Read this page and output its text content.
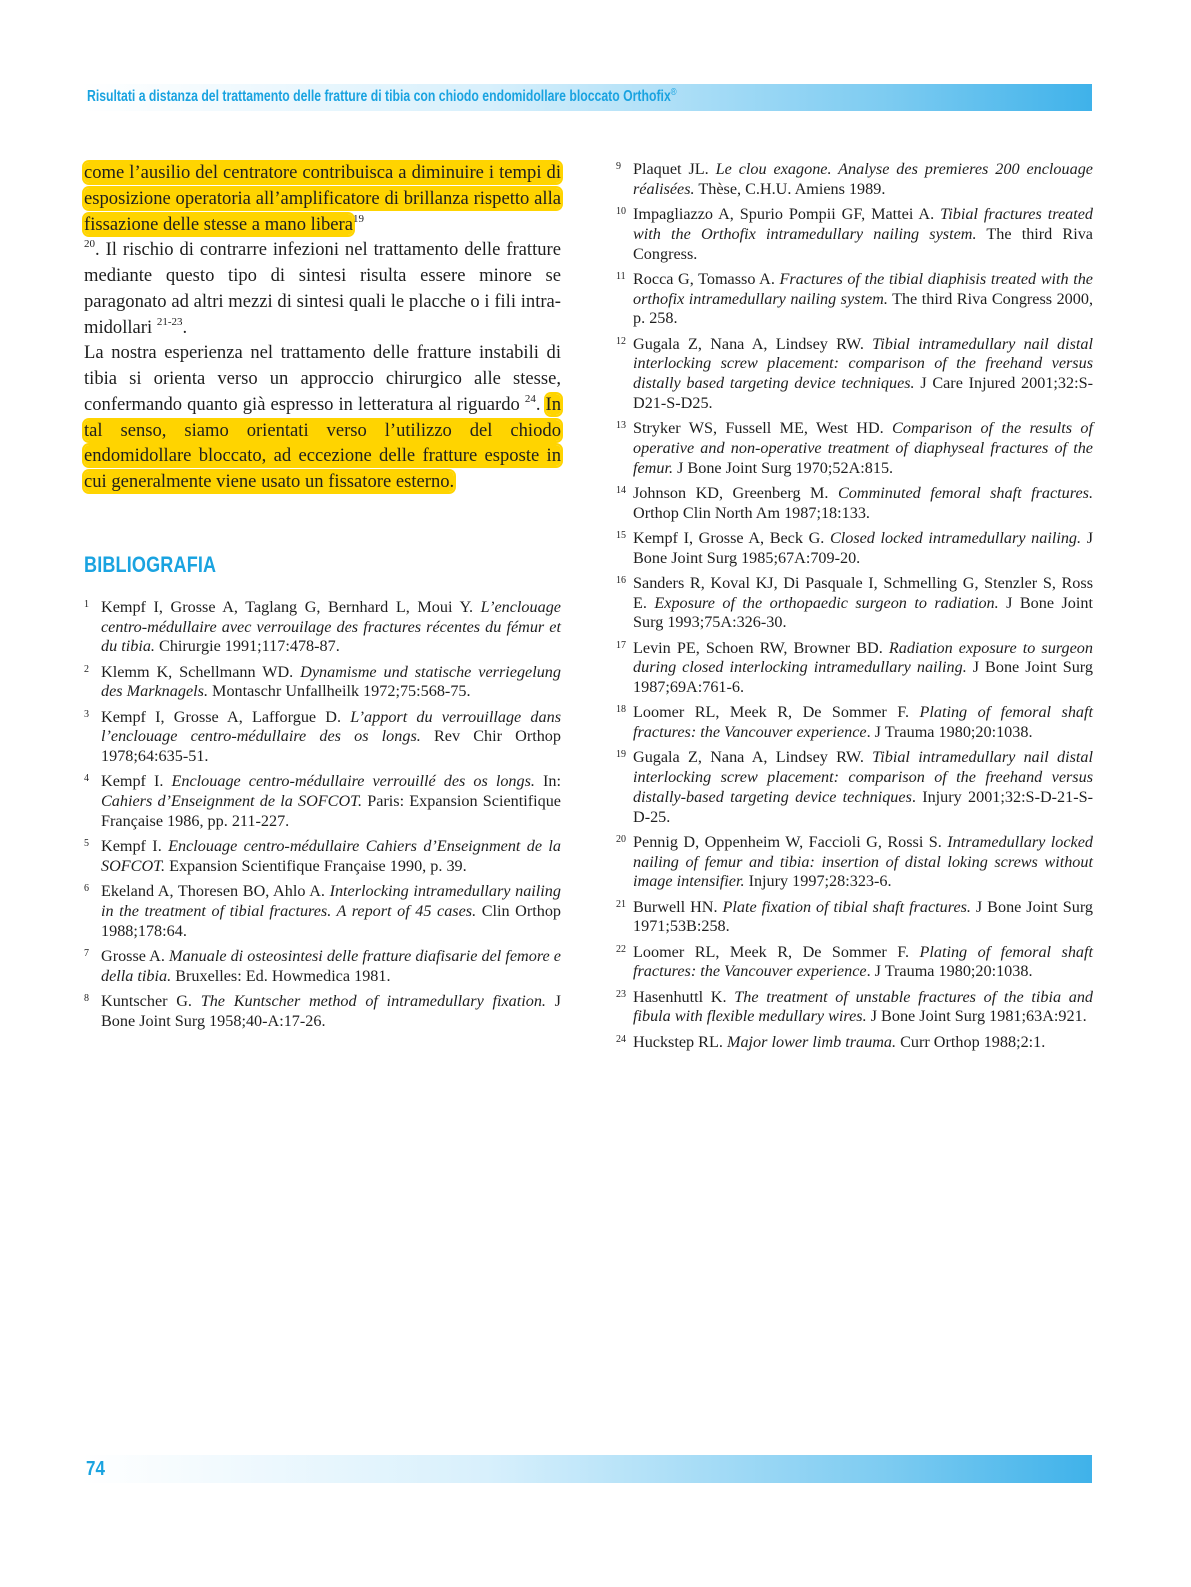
Risultati a distanza del trattamento delle fratture di tibia con chiodo endomidollare bloccato Orthofix®

come l’ausilio del centratore contribuisca a diminuire i tempi di esposizione operatoria all’amplificatore di brillanza rispetto alla fissazione delle stesse a mano libera$^{19}$
$^{20}$. Il rischio di contrarre infezioni nel trattamento delle fratture mediante questo tipo di sintesi risulta essere minore se paragonato ad altri mezzi di sintesi quali le placche o i fili intra-midollari $^{21-23}$.

La nostra esperienza nel trattamento delle fratture instabili di tibia si orienta verso un approccio chirurgico alle stesse, confermando quanto già espresso in letteratura al riguardo $^{24}$. In tal senso, siamo orientati verso l’utilizzo del chiodo endomidollare bloccato, ad eccezione delle fratture esposte in cui generalmente viene usato un fissatore esterno.

BIBLIOGRAFIA
1 Kempf I, Grosse A, Taglang G, Bernhard L, Moui Y. L’enclouage centro-médullaire avec verrouilage des fractures récentes du fémur et du tibia. Chirurgie 1991;117:478-87.
2 Klemm K, Schellmann WD. Dynamisme und statische verriegelung des Marknagels. Montaschr Unfallheilk 1972;75:568-75.
3 Kempf I, Grosse A, Lafforgue D. L’apport du verrouillage dans l’enclouage centro-médullaire des os longs. Rev Chir Orthop 1978;64:635-51.
4 Kempf I. Enclouage centro-médullaire verrouillé des os longs. In: Cahiers d’Enseignment de la SOFCOT. Paris: Expansion Scientifique Française 1986, pp. 211-227.
5 Kempf I. Enclouage centro-médullaire Cahiers d’Enseignment de la SOFCOT. Expansion Scientifique Française 1990, p. 39.
6 Ekeland A, Thoresen BO, Ahlo A. Interlocking intramedullary nailing in the treatment of tibial fractures. A report of 45 cases. Clin Orthop 1988;178:64.
7 Grosse A. Manuale di osteosintesi delle fratture diafisarie del femore e della tibia. Bruxelles: Ed. Howmedica 1981.
8 Kuntscher G. The Kuntscher method of intramedullary fixation. J Bone Joint Surg 1958;40-A:17-26.
9 Plaquet JL. Le clou exagone. Analyse des premieres 200 enclouage réalisées. Thèse, C.H.U. Amiens 1989.
10 Impagliazzo A, Spurio Pompii GF, Mattei A. Tibial fractures treated with the Orthofix intramedullary nailing system. The third Riva Congress.
11 Rocca G, Tomasso A. Fractures of the tibial diaphisis treated with the orthofix intramedullary nailing system. The third Riva Congress 2000, p. 258.
12 Gugala Z, Nana A, Lindsey RW. Tibial intramedullary nail distal interlocking screw placement: comparison of the freehand versus distally based targeting device techniques. J Care Injured 2001;32:S-D21-S-D25.
13 Stryker WS, Fussell ME, West HD. Comparison of the results of operative and non-operative treatment of diaphyseal fractures of the femur. J Bone Joint Surg 1970;52A:815.
14 Johnson KD, Greenberg M. Comminuted femoral shaft fractures. Orthop Clin North Am 1987;18:133.
15 Kempf I, Grosse A, Beck G. Closed locked intramedullary nailing. J Bone Joint Surg 1985;67A:709-20.
16 Sanders R, Koval KJ, Di Pasquale I, Schmelling G, Stenzler S, Ross E. Exposure of the orthopaedic surgeon to radiation. J Bone Joint Surg 1993;75A:326-30.
17 Levin PE, Schoen RW, Browner BD. Radiation exposure to surgeon during closed interlocking intramedullary nailing. J Bone Joint Surg 1987;69A:761-6.
18 Loomer RL, Meek R, De Sommer F. Plating of femoral shaft fractures: the Vancouver experience. J Trauma 1980;20:1038.
19 Gugala Z, Nana A, Lindsey RW. Tibial intramedullary nail distal interlocking screw placement: comparison of the freehand versus distally-based targeting device techniques. Injury 2001;32:S-D-21-S-D-25.
20 Pennig D, Oppenheim W, Faccioli G, Rossi S. Intramedullary locked nailing of femur and tibia: insertion of distal loking screws without image intensifier. Injury 1997;28:323-6.
21 Burwell HN. Plate fixation of tibial shaft fractures. J Bone Joint Surg 1971;53B:258.
22 Loomer RL, Meek R, De Sommer F. Plating of femoral shaft fractures: the Vancouver experience. J Trauma 1980;20:1038.
23 Hasenhuttl K. The treatment of unstable fractures of the tibia and fibula with flexible medullary wires. J Bone Joint Surg 1981;63A:921.
24 Huckstep RL. Major lower limb trauma. Curr Orthop 1988;2:1.
74
